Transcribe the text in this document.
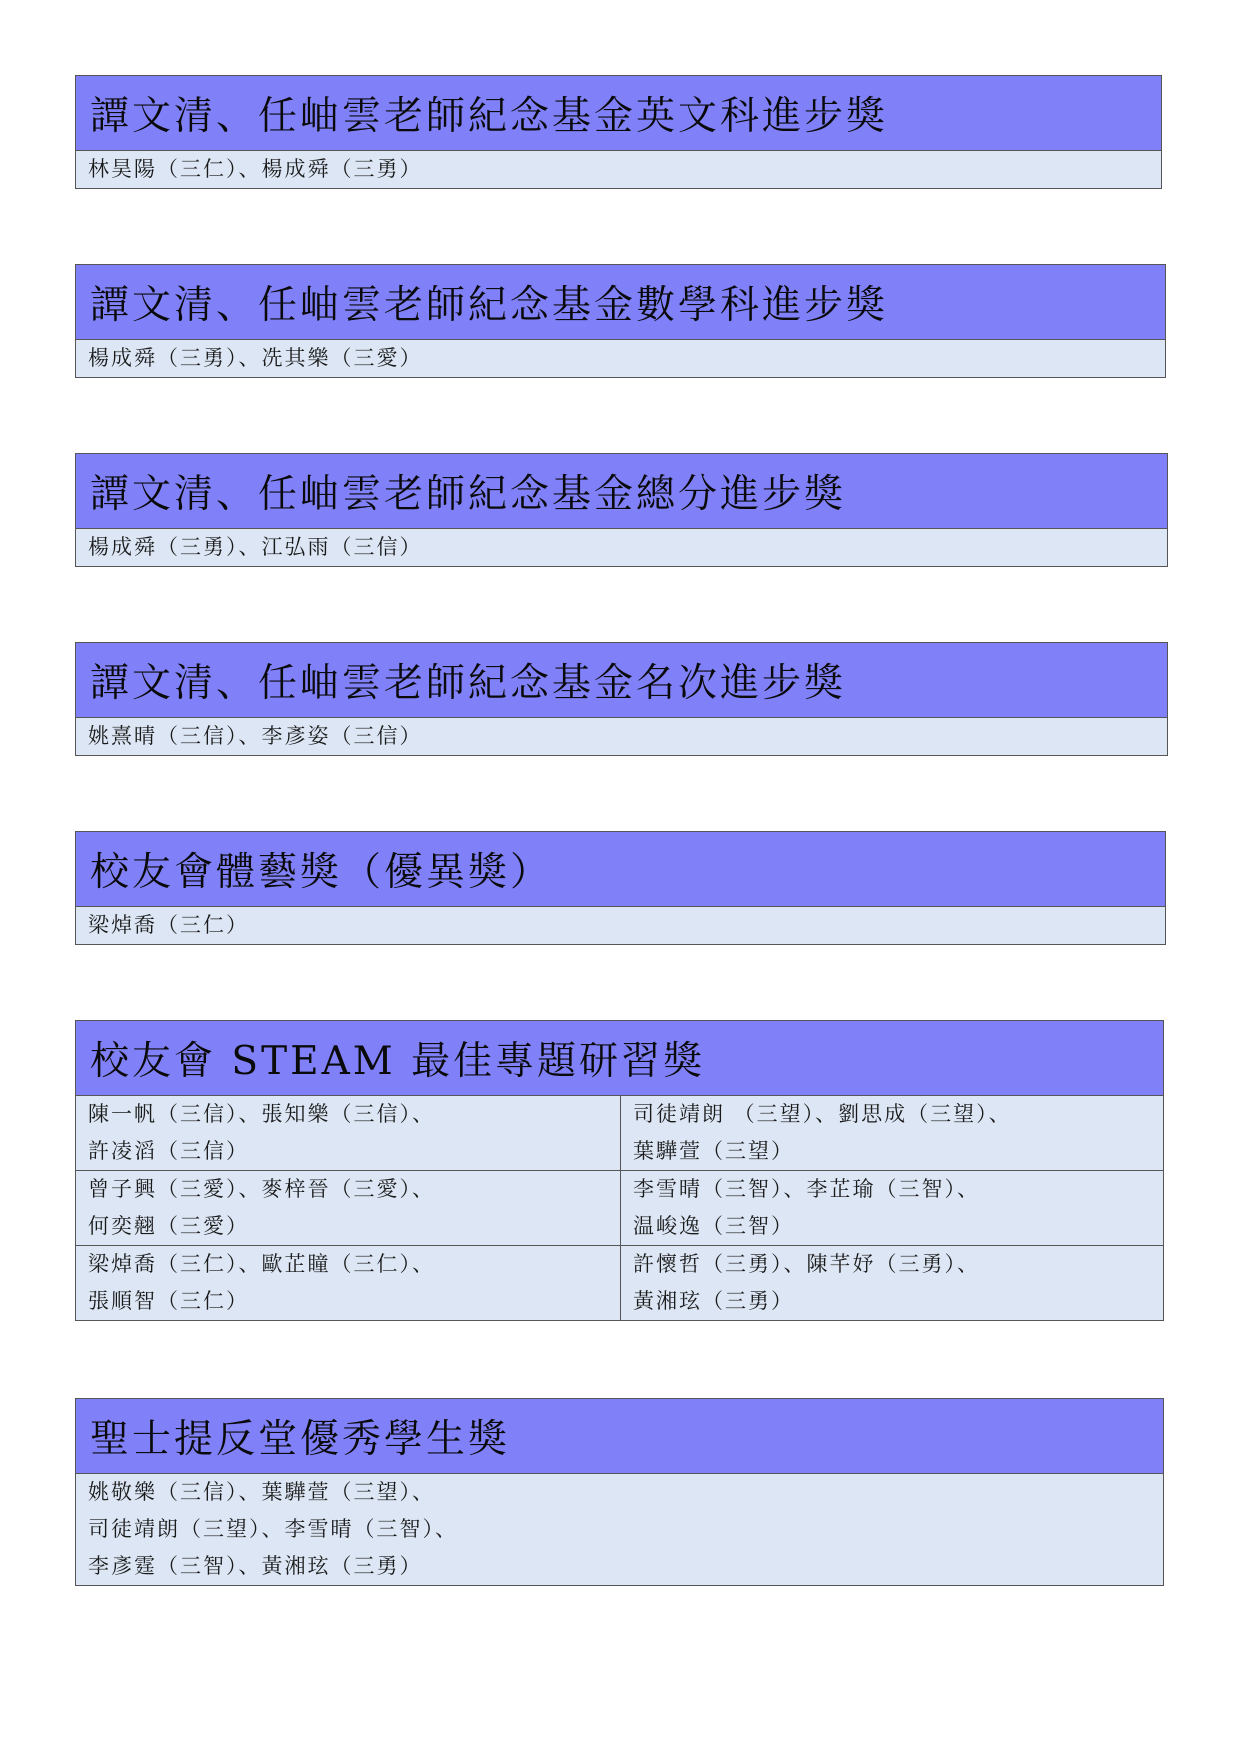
譚文清、任岫雲老師紀念基金英文科進步獎
林昊陽（三仁）、楊成舜（三勇）
譚文清、任岫雲老師紀念基金數學科進步獎
楊成舜（三勇）、冼其樂（三愛）
譚文清、任岫雲老師紀念基金總分進步獎
楊成舜（三勇）、江弘雨（三信）
譚文清、任岫雲老師紀念基金名次進步獎
姚熹晴（三信）、李彥姿（三信）
校友會體藝獎（優異獎）
梁焯喬（三仁）
校友會 STEAM 最佳專題研習獎
陳一帆（三信）、張知樂（三信）、
許凌滔（三信）
司徒靖朗 （三望）、劉思成（三望）、
葉驊萱（三望）
曾子興（三愛）、麥梓晉（三愛）、
何奕翹（三愛）
李雪晴（三智）、李芷瑜（三智）、
温峻逸（三智）
梁焯喬（三仁）、歐芷瞳（三仁）、
張順智（三仁）
許懷哲（三勇）、陳芊妤（三勇）、
黃湘玹（三勇）
聖士提反堂優秀學生獎
姚敬樂（三信）、葉驊萱（三望）、
司徒靖朗（三望）、李雪晴（三智）、
李彥霆（三智）、黃湘玹（三勇）
